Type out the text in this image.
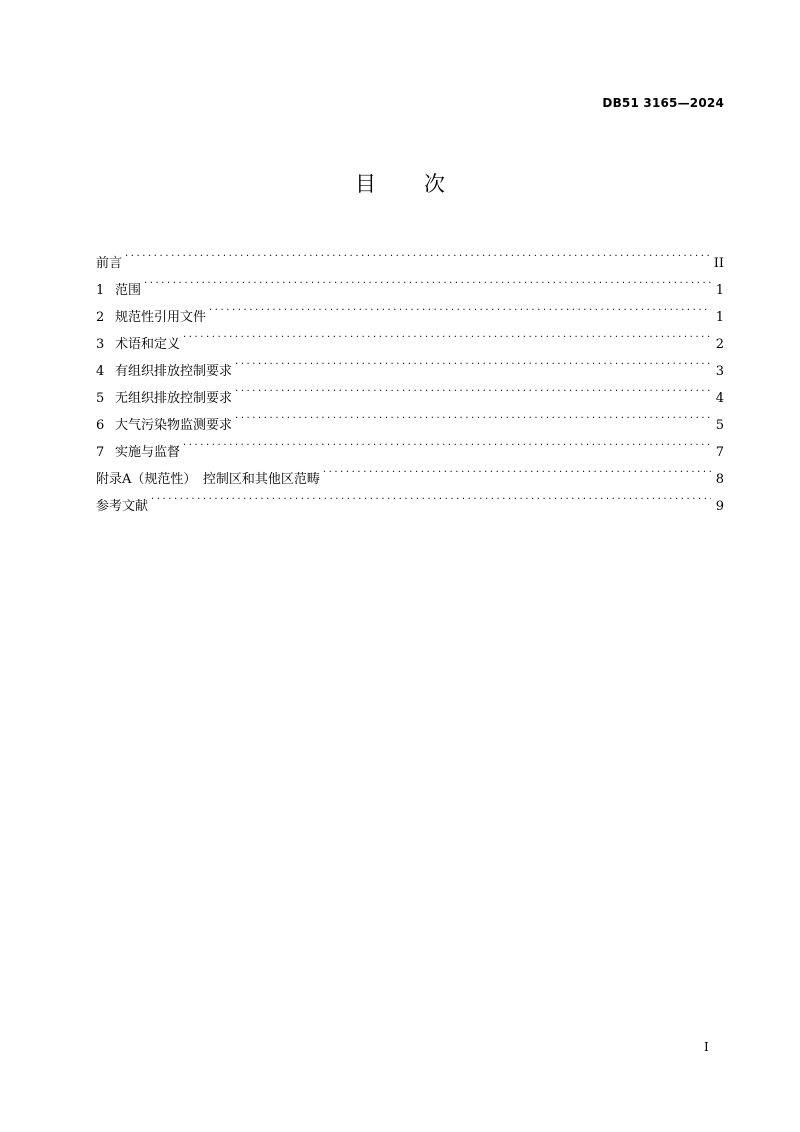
DB51 3165—2024
目次
前言 . . .	II
1 范围 . . .	1
2 规范性引用文件 . . .	1
3 术语和定义 . . .	2
4 有组织排放控制要求 . . .	3
5 无组织排放控制要求 . . .	4
6 大气污染物监测要求 . . .	5
7 实施与监督 . . .	7
附录A（规范性）　控制区和其他区范畴 . . .	8
参考文献 . . .	9
I
